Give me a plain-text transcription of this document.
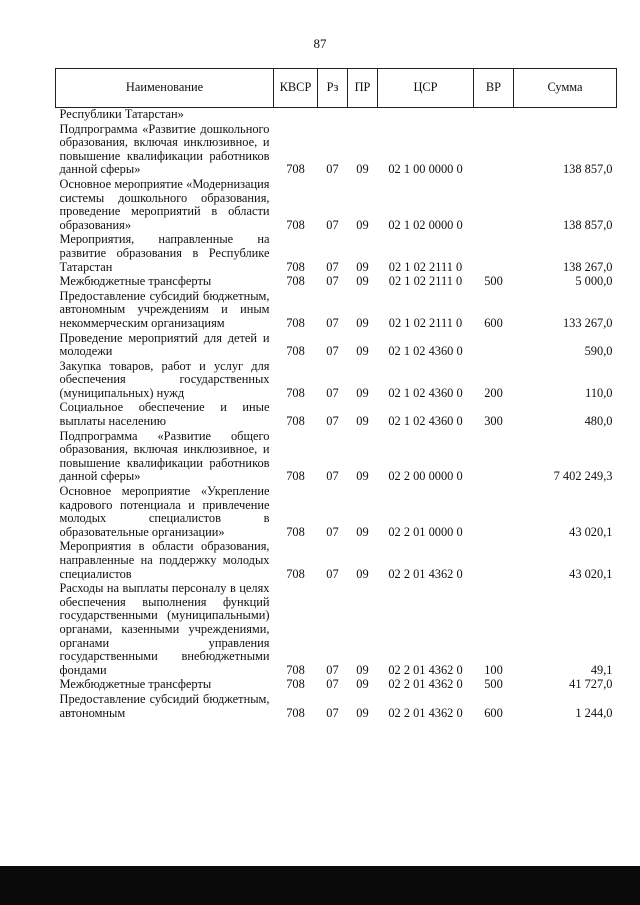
87
Наименование	КВСР	Рз	ПР	ЦСР	ВР	Сумма
Республики Татарстан»						
Подпрограмма «Развитие дошкольного образования, включая инклюзивное, и повышение квалификации работников данной сферы»	708	07	09	02 1 00 0000 0		138 857,0
Основное мероприятие «Модернизация системы дошкольного образования, проведение мероприятий в области образования»	708	07	09	02 1 02 0000 0		138 857,0
Мероприятия, направленные на развитие образования в Республике Татарстан	708	07	09	02 1 02 2111 0		138 267,0
Межбюджетные трансферты	708	07	09	02 1 02 2111 0	500	5 000,0
Предоставление субсидий бюджетным, автономным учреждениям и иным некоммерческим организациям	708	07	09	02 1 02 2111 0	600	133 267,0
Проведение мероприятий для детей и молодежи	708	07	09	02 1 02 4360 0		590,0
Закупка товаров, работ и услуг для обеспечения государственных (муниципальных) нужд	708	07	09	02 1 02 4360 0	200	110,0
Социальное обеспечение и иные выплаты населению	708	07	09	02 1 02 4360 0	300	480,0
Подпрограмма «Развитие общего образования, включая инклюзивное, и повышение квалификации работников данной сферы»	708	07	09	02 2 00 0000 0		7 402 249,3
Основное мероприятие «Укрепление кадрового потенциала и привлечение молодых специалистов в образовательные организации»	708	07	09	02 2 01 0000 0		43 020,1
Мероприятия в области образования, направленные на поддержку молодых специалистов	708	07	09	02 2 01 4362 0		43 020,1
Расходы на выплаты персоналу в целях обеспечения выполнения функций государственными (муниципальными) органами, казенными учреждениями, органами управления государственными внебюджетными фондами	708	07	09	02 2 01 4362 0	100	49,1
Межбюджетные трансферты	708	07	09	02 2 01 4362 0	500	41 727,0
Предоставление субсидий бюджетным, автономным	708	07	09	02 2 01 4362 0	600	1 244,0
